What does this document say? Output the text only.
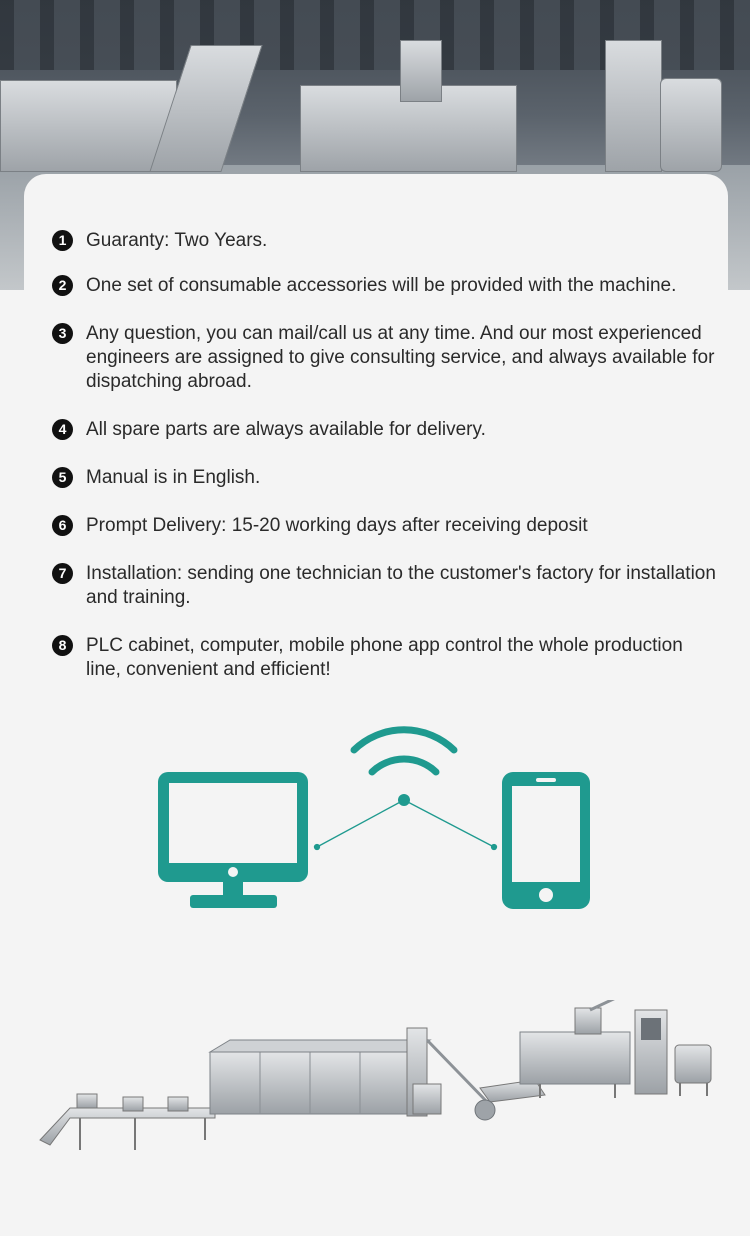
1	Guaranty: Two Years.
2	One set of consumable accessories will be provided with the machine.
3	Any question, you can mail/call us at any time. And our most experienced engineers are assigned to give consulting service, and always available for dispatching abroad.
4	All spare parts are always available for delivery.
5	Manual is in English.
6	Prompt Delivery: 15-20 working days after receiving deposit
7	Installation: sending one technician to the customer's factory for installation and training.
8	PLC cabinet, computer, mobile phone app control the whole production line, convenient and efficient!
